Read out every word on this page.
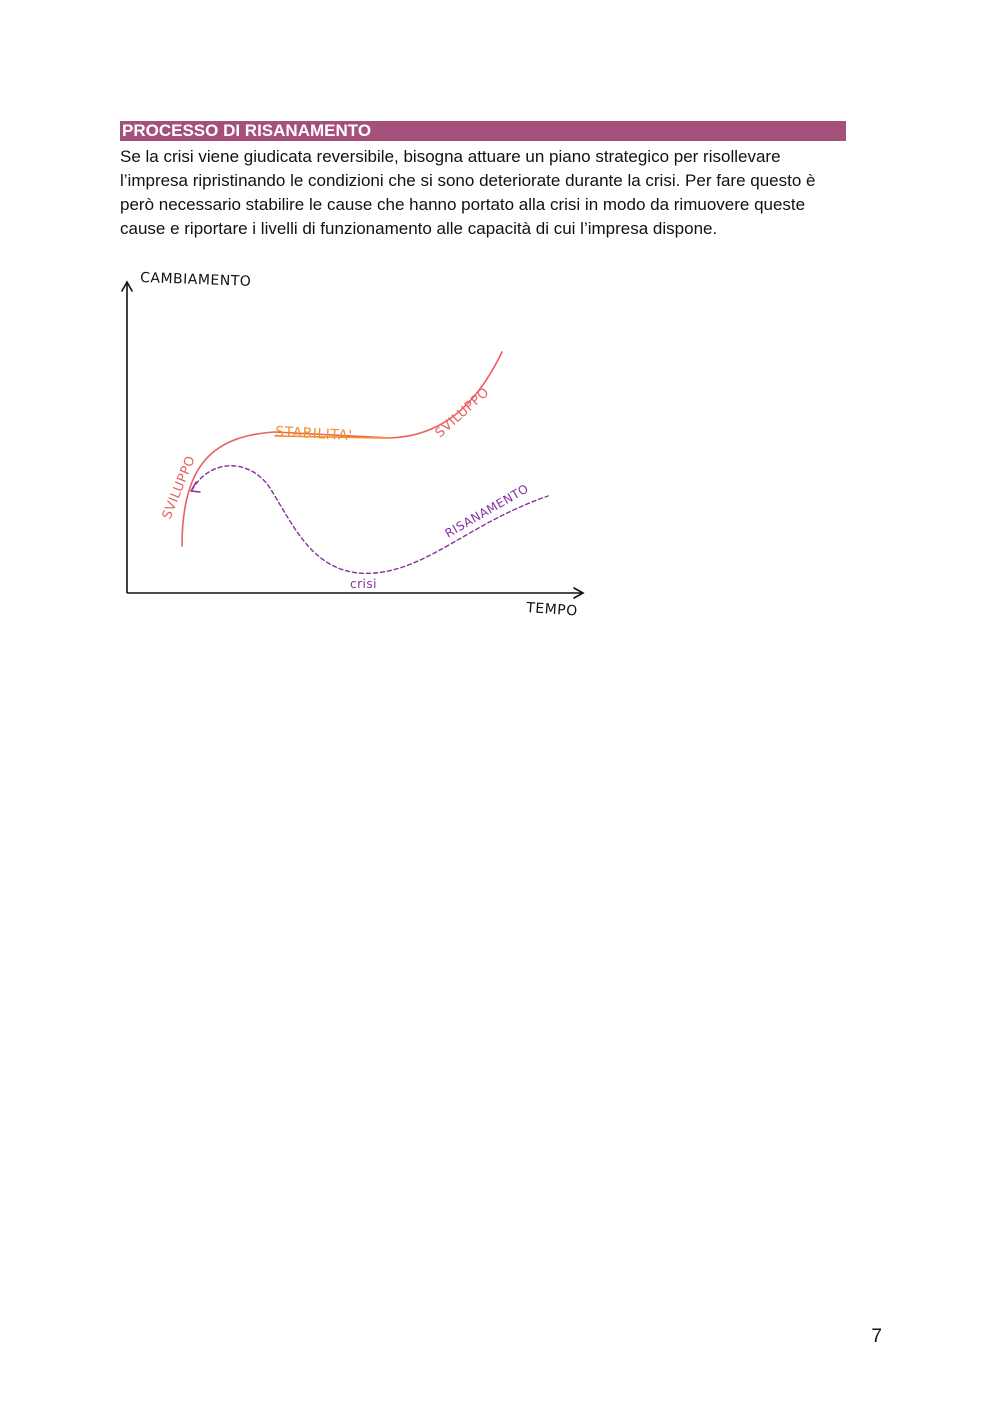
PROCESSO DI RISANAMENTO

Se la crisi viene giudicata reversibile, bisogna attuare un piano strategico per risollevare
l’impresa ripristinando le condizioni che si sono deteriorate durante la crisi. Per fare questo è
però necessario stabilire le cause che hanno portato alla crisi in modo da rimuovere queste
cause e riportare i livelli di funzionamento alle capacità di cui l’impresa dispone.

CAMBIAMENTO
TEMPO
SVILUPPO
STABILITA'	SVILUPPO
RISANAMENTO
crisi
7
